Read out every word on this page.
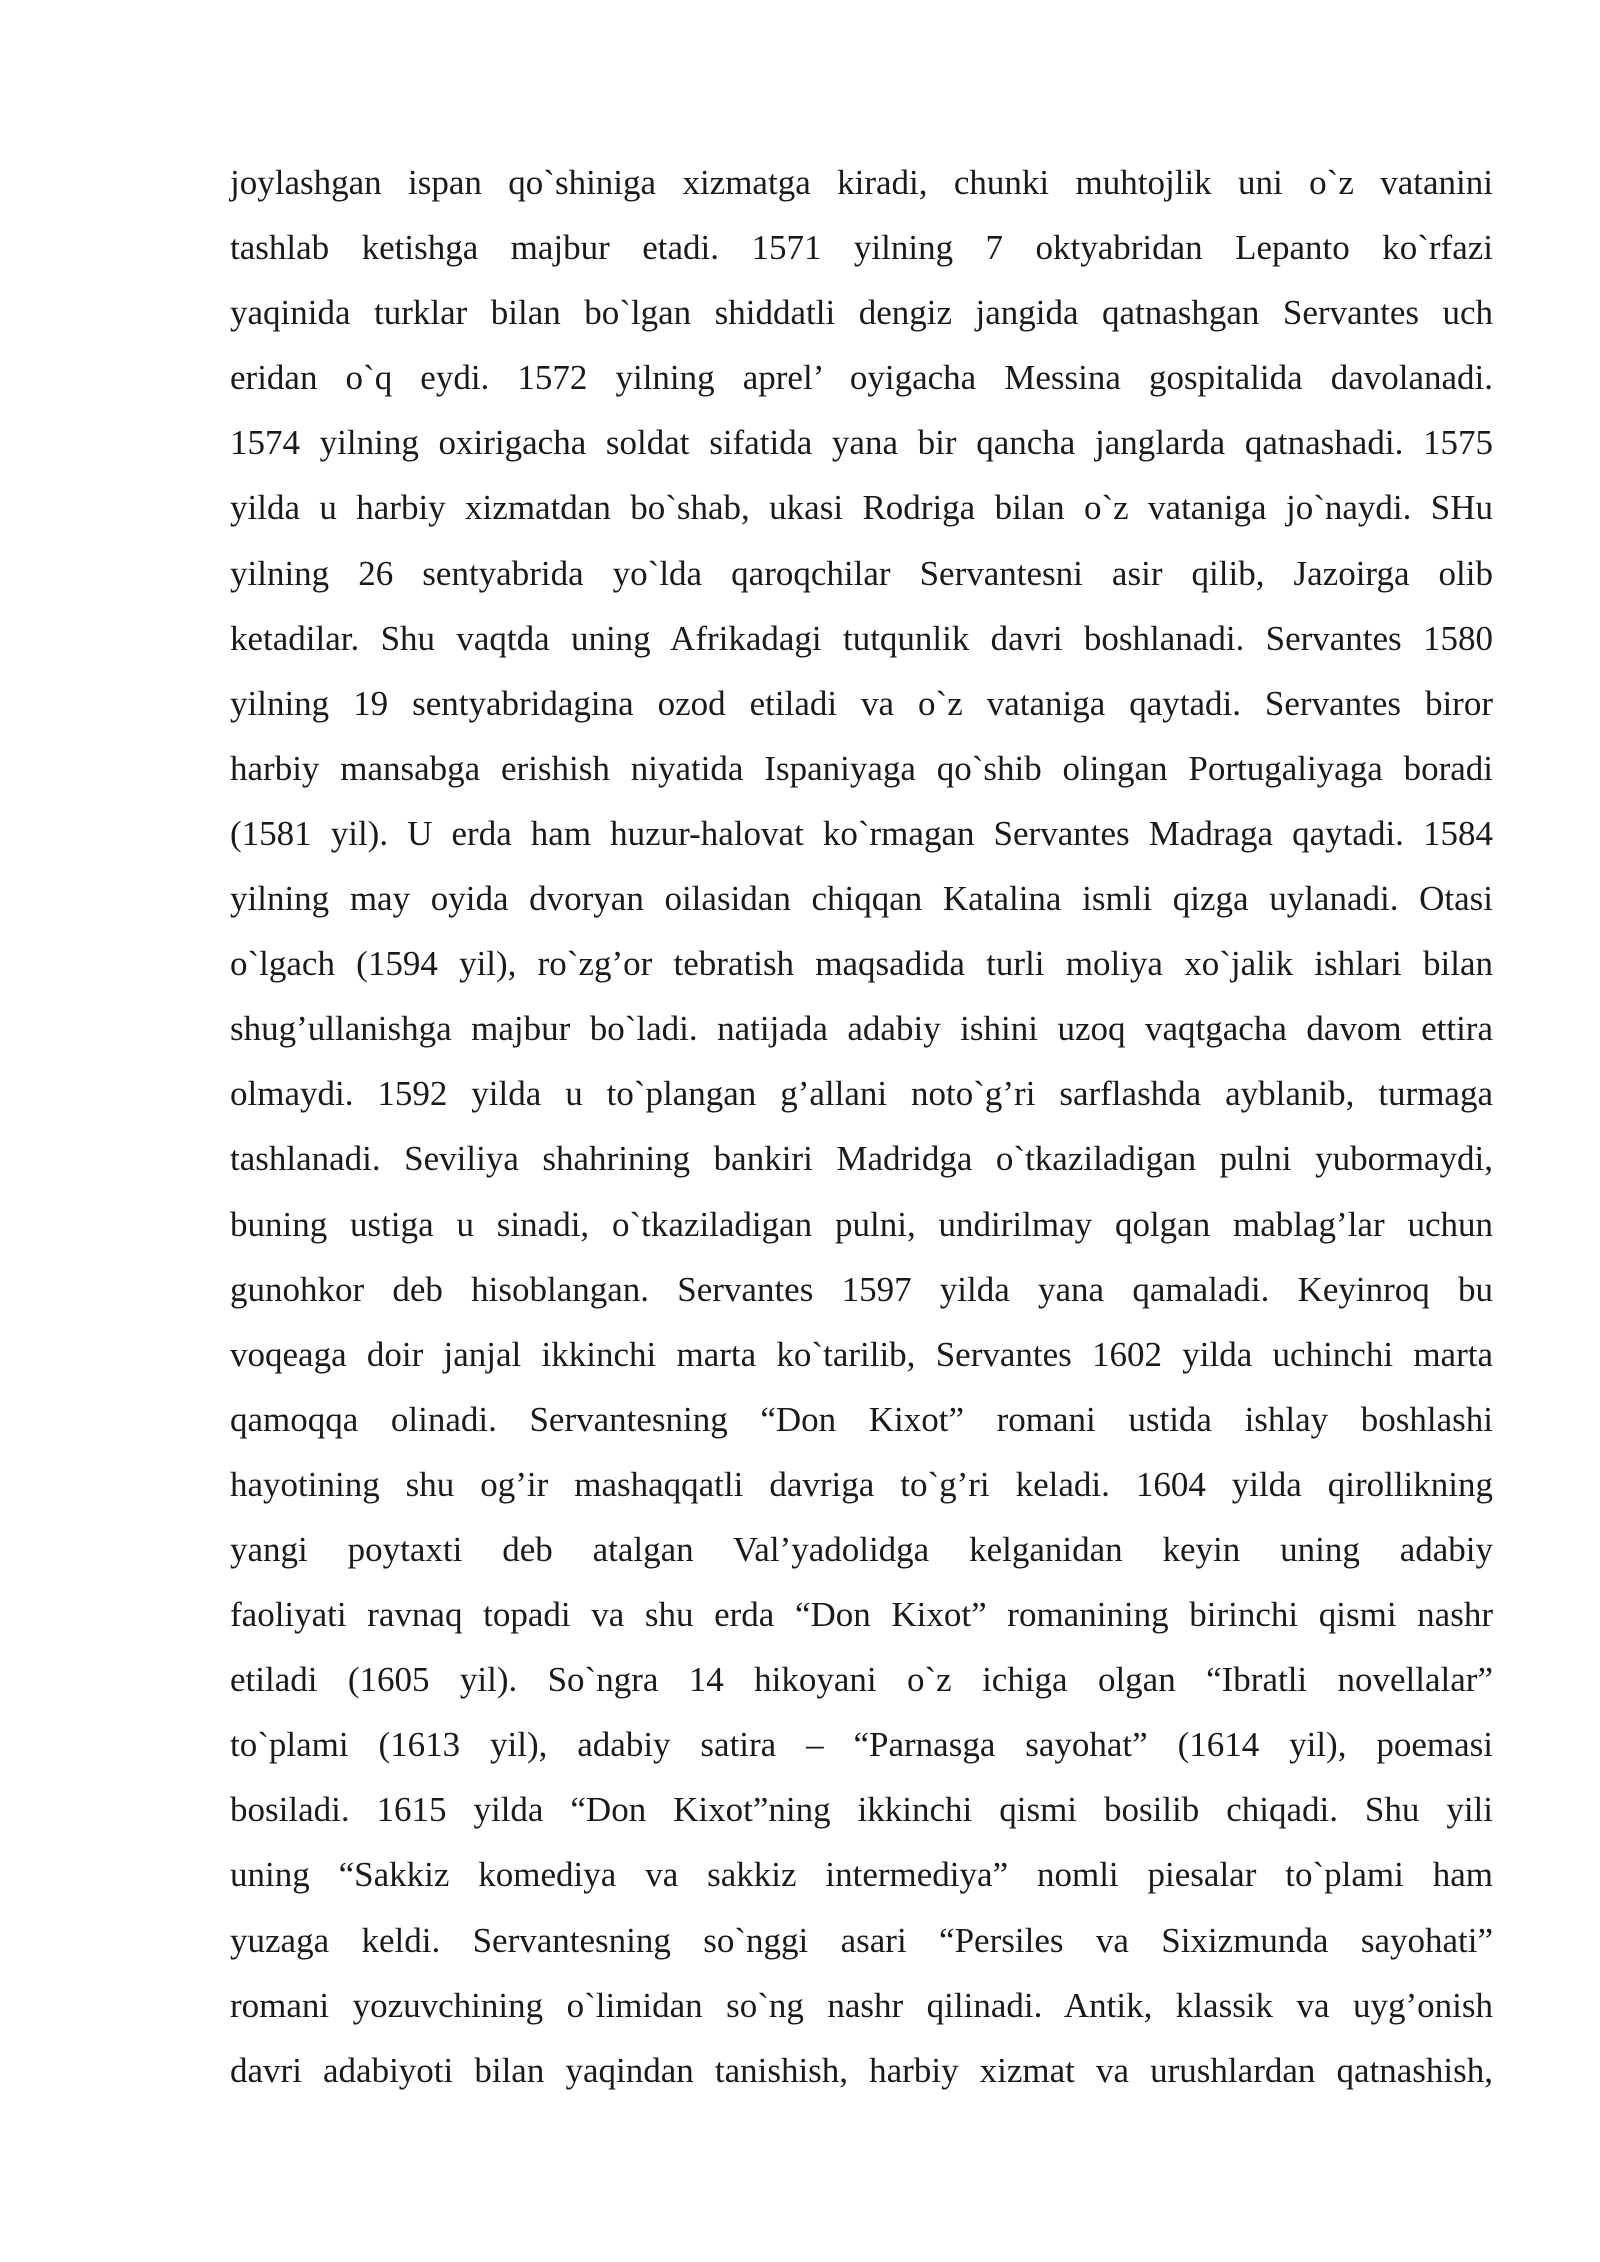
joylashgan ispan qo`shiniga xizmatga kiradi, chunki muhtojlik uni o`z vatanini
tashlab ketishga majbur etadi. 1571 yilning 7 oktyabridan Lepanto ko`rfazi
yaqinida turklar bilan bo`lgan shiddatli dengiz jangida qatnashgan Servantes uch
eridan o`q eydi. 1572 yilning aprel’ oyigacha Messina gospitalida davolanadi.
1574 yilning oxirigacha soldat sifatida yana bir qancha janglarda qatnashadi. 1575
yilda u harbiy xizmatdan bo`shab, ukasi Rodriga bilan o`z vataniga jo`naydi. SHu
yilning 26 sentyabrida yo`lda qaroqchilar Servantesni asir qilib, Jazoirga olib
ketadilar. Shu vaqtda uning Afrikadagi tutqunlik davri boshlanadi. Servantes 1580
yilning 19 sentyabridagina ozod etiladi va o`z vataniga qaytadi. Servantes biror
harbiy mansabga erishish niyatida Ispaniyaga qo`shib olingan Portugaliyaga boradi
(1581 yil). U erda ham huzur-halovat ko`rmagan Servantes Madraga qaytadi. 1584
yilning may oyida dvoryan oilasidan chiqqan Katalina ismli qizga uylanadi. Otasi
o`lgach (1594 yil), ro`zg’or tebratish maqsadida turli moliya xo`jalik ishlari bilan
shug’ullanishga majbur bo`ladi. natijada adabiy ishini uzoq vaqtgacha davom ettira
olmaydi. 1592 yilda u to`plangan g’allani noto`g’ri sarflashda ayblanib, turmaga
tashlanadi. Seviliya shahrining bankiri Madridga o`tkaziladigan pulni yubormaydi,
buning ustiga u sinadi, o`tkaziladigan pulni, undirilmay qolgan mablag’lar uchun
gunohkor deb hisoblangan. Servantes 1597 yilda yana qamaladi. Keyinroq bu
voqeaga doir janjal ikkinchi marta ko`tarilib, Servantes 1602 yilda uchinchi marta
qamoqqa olinadi. Servantesning “Don Kixot” romani ustida ishlay boshlashi
hayotining shu og’ir mashaqqatli davriga to`g’ri keladi. 1604 yilda qirollikning
yangi poytaxti deb atalgan Val’yadolidga kelganidan keyin uning adabiy
faoliyati ravnaq topadi va shu erda “Don Kixot” romanining birinchi qismi nashr
etiladi (1605 yil). So`ngra 14 hikoyani o`z ichiga olgan “Ibratli novellalar”
to`plami (1613 yil), adabiy satira – “Parnasga sayohat” (1614 yil), poemasi
bosiladi. 1615 yilda “Don Kixot”ning ikkinchi qismi bosilib chiqadi. Shu yili
uning “Sakkiz komediya va sakkiz intermediya” nomli piesalar to`plami ham
yuzaga keldi. Servantesning so`nggi asari “Persiles va Sixizmunda sayohati”
romani yozuvchining o`limidan so`ng nashr qilinadi. Antik, klassik va uyg’onish
davri adabiyoti bilan yaqindan tanishish, harbiy xizmat va urushlardan qatnashish,
